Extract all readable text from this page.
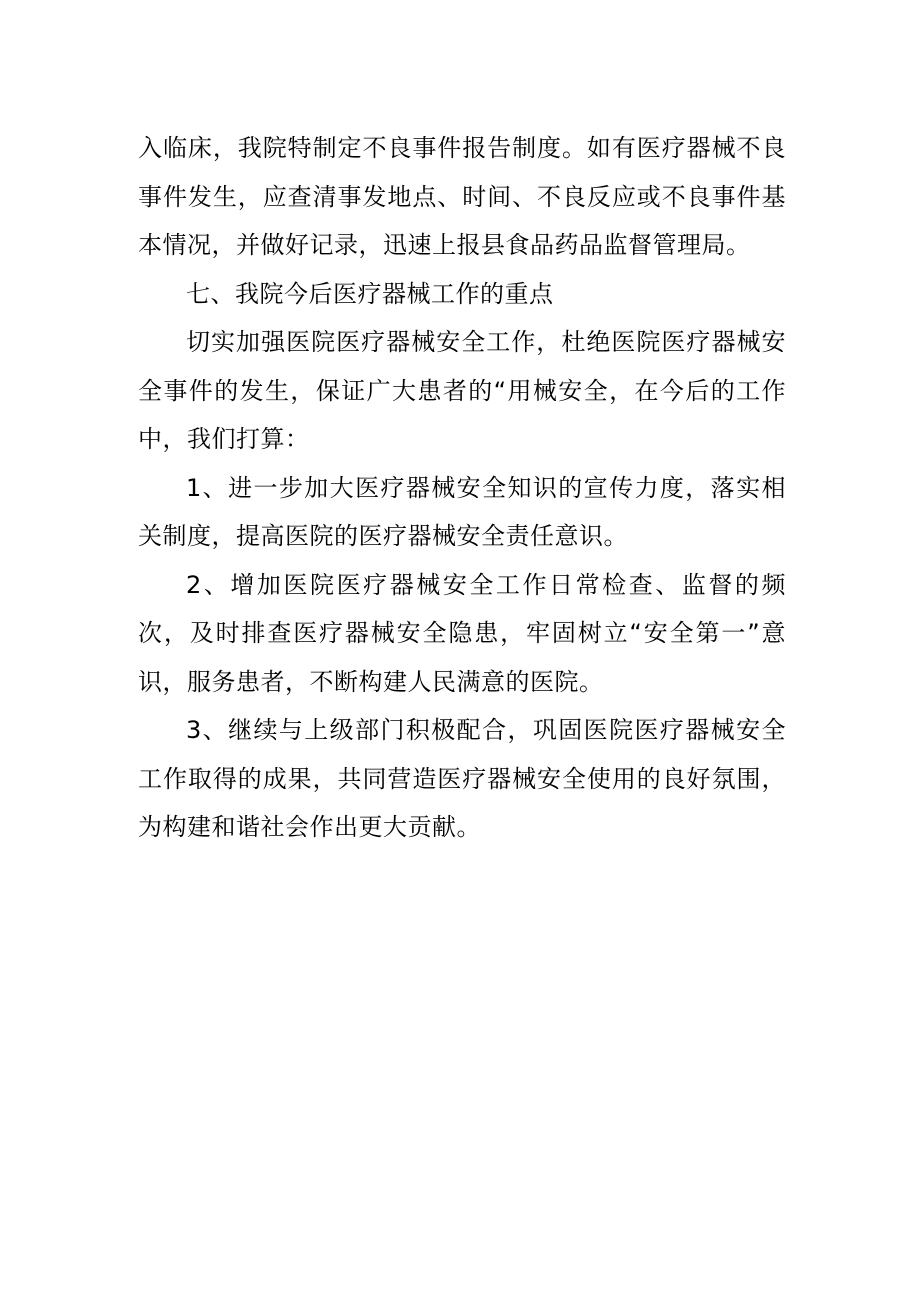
入临床，我院特制定不良事件报告制度。如有医疗器械不良事件发生，应查清事发地点、时间、不良反应或不良事件基本情况，并做好记录，迅速上报县食品药品监督管理局。

七、我院今后医疗器械工作的重点

切实加强医院医疗器械安全工作，杜绝医院医疗器械安全事件的发生，保证广大患者的“用械安全，在今后的工作中，我们打算：

1、进一步加大医疗器械安全知识的宣传力度，落实相关制度，提高医院的医疗器械安全责任意识。

2、增加医院医疗器械安全工作日常检查、监督的频次，及时排查医疗器械安全隐患，牢固树立“安全第一”意识，服务患者，不断构建人民满意的医院。

3、继续与上级部门积极配合，巩固医院医疗器械安全工作取得的成果，共同营造医疗器械安全使用的良好氛围，为构建和谐社会作出更大贡献。
